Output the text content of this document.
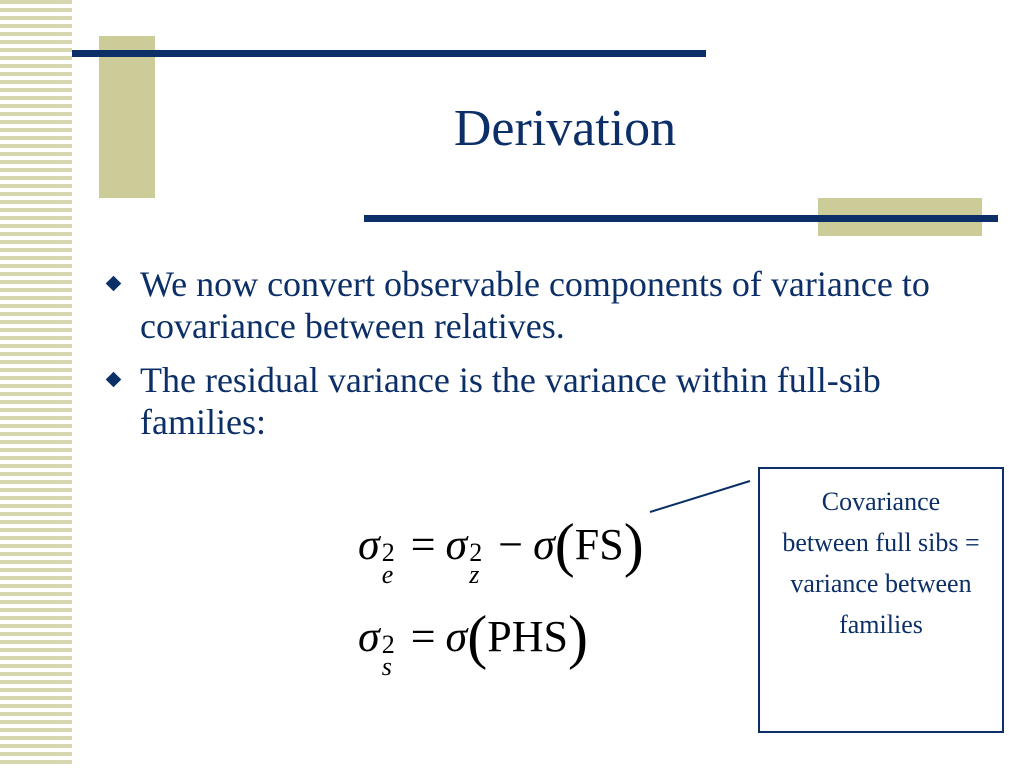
Derivation
We now convert observable components of variance to covariance between relatives.
The residual variance is the variance within full-sib families:
σ 2
e
= σ 2
z
− σ ( FS )
σ 2
s
= σ ( PHS )
Covariance between full sibs = variance between families
